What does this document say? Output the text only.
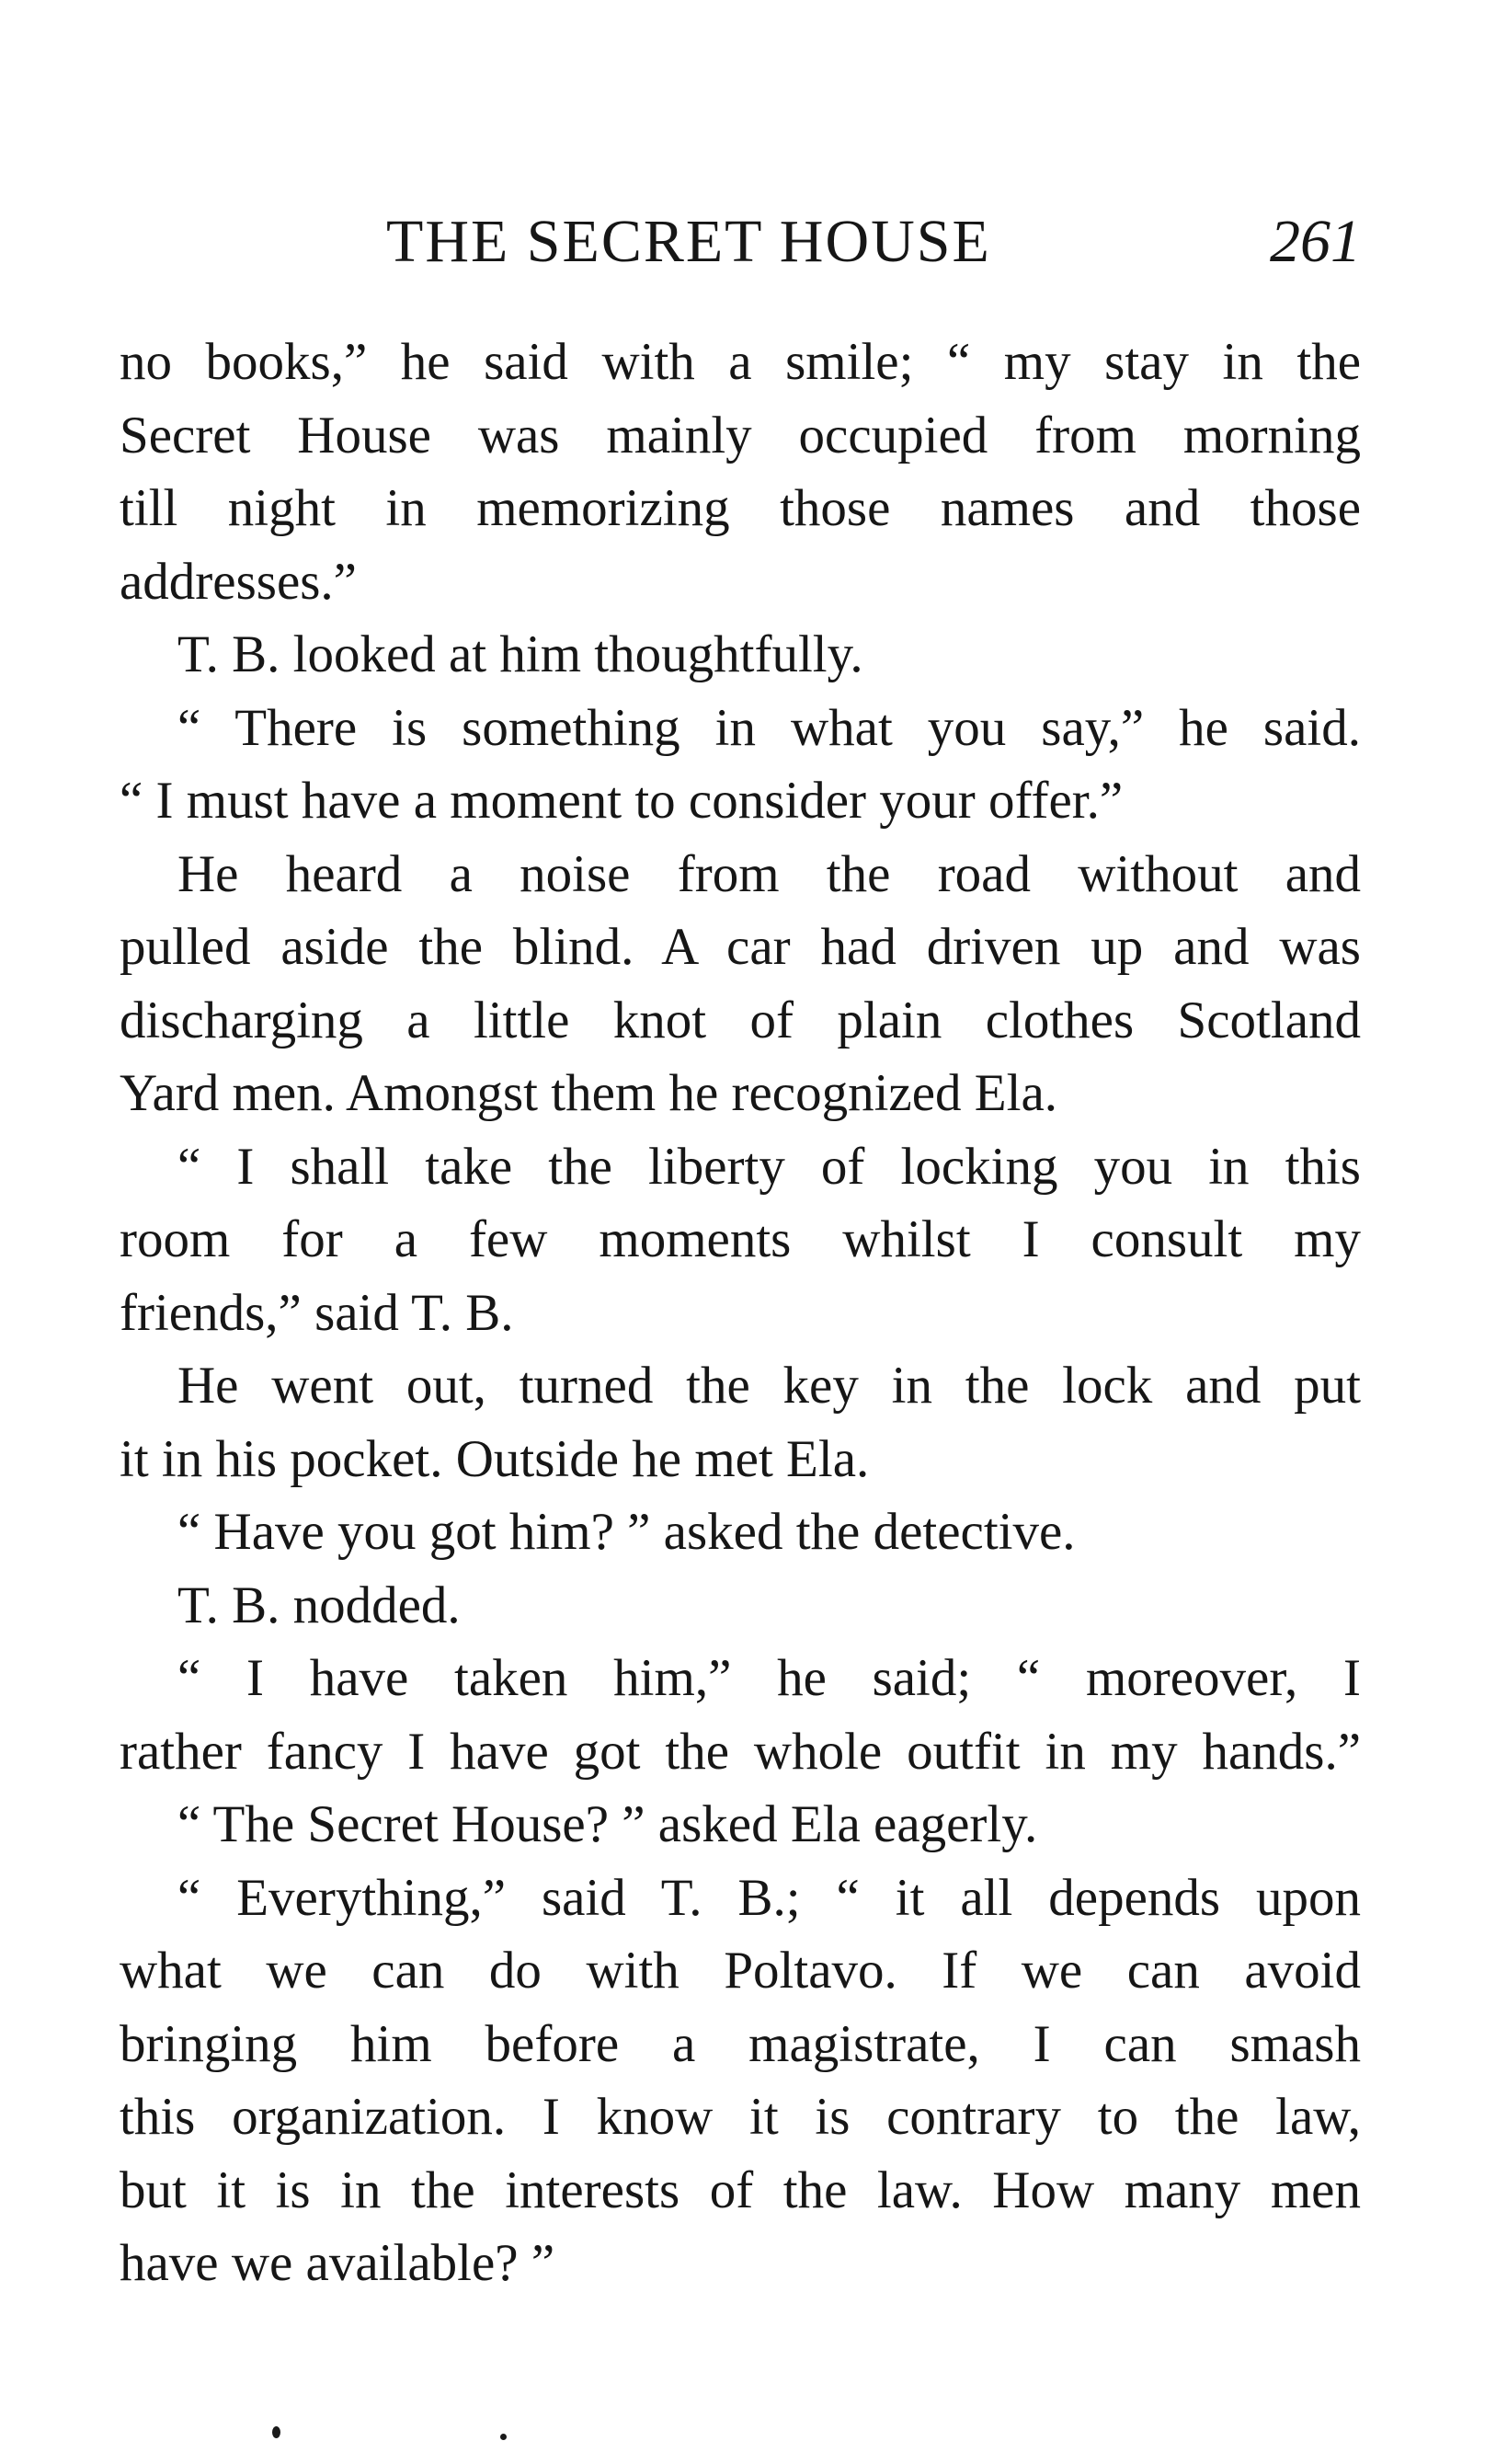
THE SECRET HOUSE	261
no books,” he said with a smile; “ my stay in the
Secret House was mainly occupied from morning
till night in memorizing those names and those
addresses.”
T. B. looked at him thoughtfully.
“ There is something in what you say,” he said.
“ I must have a moment to consider your offer.”
He heard a noise from the road without and
pulled aside the blind. A car had driven up and was
discharging a little knot of plain clothes Scotland
Yard men. Amongst them he recognized Ela.
“ I shall take the liberty of locking you in this
room for a few moments whilst I consult my
friends,” said T. B.
He went out, turned the key in the lock and put
it in his pocket. Outside he met Ela.
“ Have you got him? ” asked the detective.
T. B. nodded.
“ I have taken him,” he said; “ moreover, I
rather fancy I have got the whole outfit in my hands.”
“ The Secret House? ” asked Ela eagerly.
“ Everything,” said T. B.; “ it all depends upon
what we can do with Poltavo. If we can avoid
bringing him before a magistrate, I can smash
this organization. I know it is contrary to the law,
but it is in the interests of the law. How many men
have we available? ”
